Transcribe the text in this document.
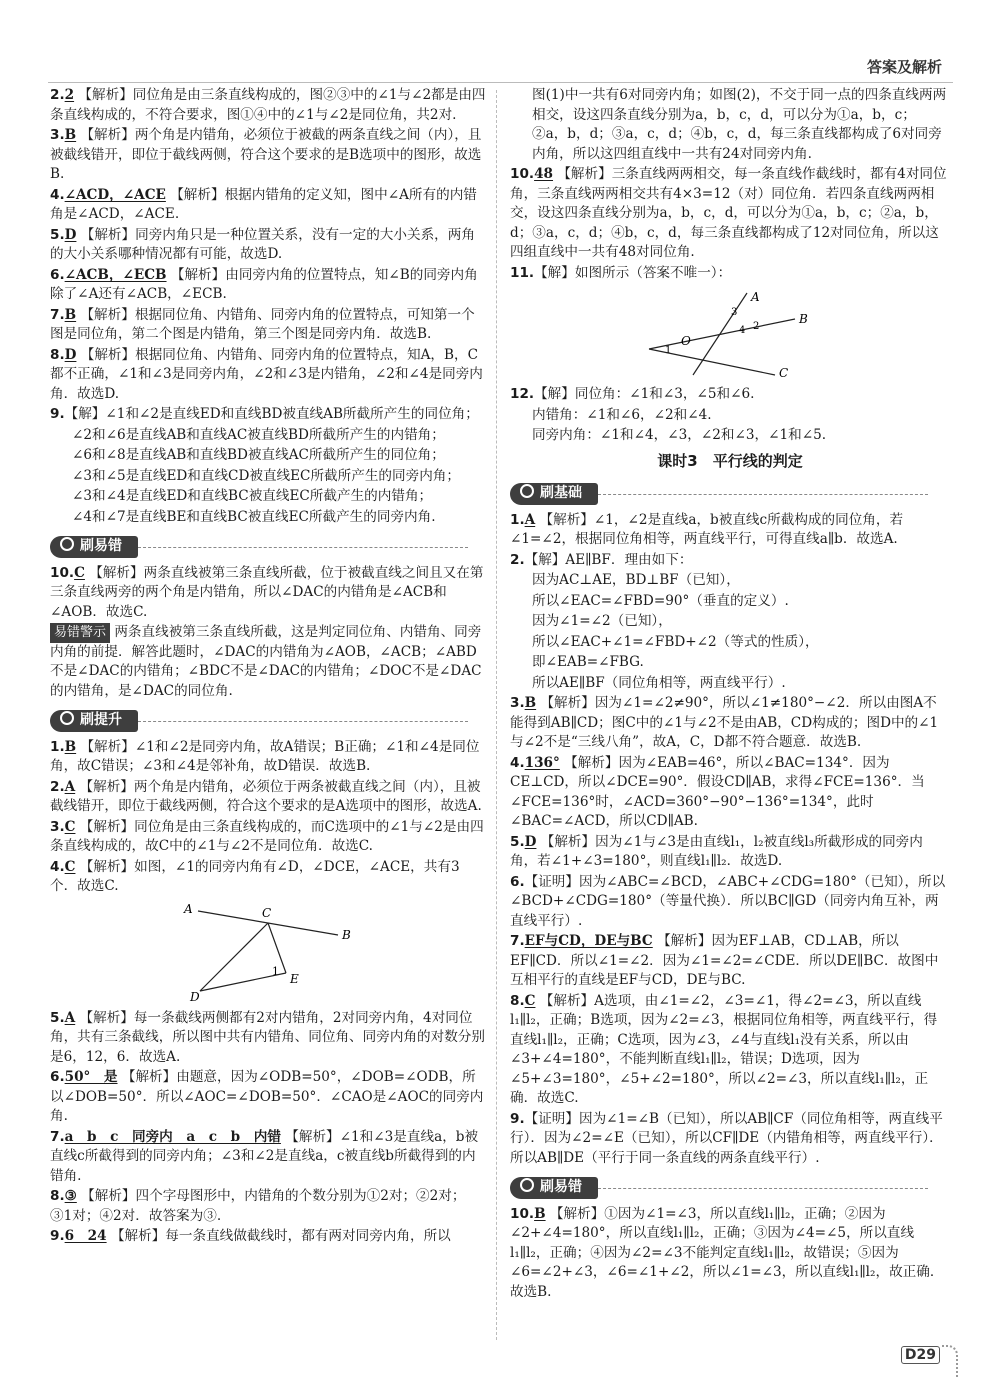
答案及解析
2.2 【解析】同位角是由三条直线构成的，图②③中的∠1与∠2都是由四条直线构成的，不符合要求，图①④中的∠1与∠2是同位角，共2对.
3.B 【解析】两个角是内错角，必须位于被截的两条直线之间（内），且被截线错开，即位于截线两侧，符合这个要求的是B选项中的图形，故选B.
4.∠ACD，∠ACE 【解析】根据内错角的定义知，图中∠A所有的内错角是∠ACD，∠ACE.
5.D 【解析】同旁内角只是一种位置关系，没有一定的大小关系，两角的大小关系哪种情况都有可能，故选D.
6.∠ACB，∠ECB 【解析】由同旁内角的位置特点，知∠B的同旁内角除了∠A还有∠ACB，∠ECB.
7.B 【解析】根据同位角、内错角、同旁内角的位置特点，可知第一个图是同位角，第二个图是内错角，第三个图是同旁内角．故选B.
8.D 【解析】根据同位角、内错角、同旁内角的位置特点，知A，B，C都不正确，∠1和∠3是同旁内角，∠2和∠3是内错角，∠2和∠4是同旁内角．故选D.
9.【解】∠1和∠2是直线ED和直线BD被直线AB所截所产生的同位角；
∠2和∠6是直线AB和直线AC被直线BD所截所产生的内错角；
∠6和∠8是直线AB和直线BD被直线AC所截所产生的同位角；
∠3和∠5是直线ED和直线CD被直线EC所截所产生的同旁内角；
∠3和∠4是直线ED和直线BC被直线EC所截产生的内错角；
∠4和∠7是直线BE和直线BC被直线EC所截产生的同旁内角.
刷易错
10.C 【解析】两条直线被第三条直线所截，位于被截直线之间且又在第三条直线两旁的两个角是内错角，所以∠DAC的内错角是∠ACB和∠AOB．故选C.
易错警示 两条直线被第三条直线所截，这是判定同位角、内错角、同旁内角的前提．解答此题时，∠DAC的内错角为∠AOB，∠ACB；∠ABD不是∠DAC的内错角；∠BDC不是∠DAC的内错角；∠DOC不是∠DAC的内错角，是∠DAC的同位角.
刷提升
1.B 【解析】∠1和∠2是同旁内角，故A错误；B正确；∠1和∠4是同位角，故C错误；∠3和∠4是邻补角，故D错误．故选B.
2.A 【解析】两个角是内错角，必须位于两条被截直线之间（内），且被截线错开，即位于截线两侧，符合这个要求的是A选项中的图形，故选A.
3.C 【解析】同位角是由三条直线构成的，而C选项中的∠1与∠2是由四条直线构成的，故C中的∠1与∠2不是同位角．故选C.
4.C 【解析】如图，∠1的同旁内角有∠D，∠DCE，∠ACE，共有3个．故选C.
A	C
B
D
E
1
5.A 【解析】每一条截线两侧都有2对内错角，2对同旁内角，4对同位角，共有三条截线，所以图中共有内错角、同位角、同旁内角的对数分别是6，12，6．故选A.
6.50°　是 【解析】由题意，因为∠ODB=50°，∠DOB=∠ODB，所以∠DOB=50°．所以∠AOC=∠DOB=50°．∠CAO是∠AOC的同旁内角.
7.a　b　c　同旁内　a　c　b　内错 【解析】∠1和∠3是直线a，b被直线c所截得到的同旁内角；∠3和∠2是直线a，c被直线b所截得到的内错角.
8.③ 【解析】四个字母图形中，内错角的个数分别为①2对；②2对；③1对；④2对．故答案为③.
9.6　24 【解析】每一条直线做截线时，都有两对同旁内角，所以
图(1)中一共有6对同旁内角；如图(2)，不交于同一点的四条直线两两相交，设这四条直线分别为a，b，c，d，可以分为①a，b，c；②a，b，d；③a，c，d；④b，c，d，每三条直线都构成了6对同旁内角，所以这四组直线中一共有24对同旁内角.
10.48 【解析】三条直线两两相交，每一条直线作截线时，都有4对同位角，三条直线两两相交共有4×3=12（对）同位角．若四条直线两两相交，设这四条直线分别为a，b，c，d，可以分为①a，b，c；②a，b，d；③a，c，d；④b，c，d，每三条直线都构成了12对同位角，所以这四组直线中一共有48对同位角.
11.【解】如图所示（答案不唯一）：
A
B
C
O
1
2
3
4
12.【解】同位角：∠1和∠3，∠5和∠6.
内错角：∠1和∠6，∠2和∠4.
同旁内角：∠1和∠4，∠3，∠2和∠3，∠1和∠5.
课时3　平行线的判定
刷基础
1.A 【解析】∠1，∠2是直线a，b被直线c所截构成的同位角，若∠1=∠2，根据同位角相等，两直线平行，可得直线a∥b．故选A.
2.【解】AE∥BF．理由如下：
因为AC⊥AE，BD⊥BF（已知），
所以∠EAC=∠FBD=90°（垂直的定义）.
因为∠1=∠2（已知），
所以∠EAC+∠1=∠FBD+∠2（等式的性质），
即∠EAB=∠FBG.
所以AE∥BF（同位角相等，两直线平行）.
3.B 【解析】因为∠1=∠2≠90°，所以∠1≠180°−∠2．所以由图A不能得到AB∥CD；图C中的∠1与∠2不是由AB，CD构成的；图D中的∠1与∠2不是“三线八角”，故A，C，D都不符合题意．故选B.
4.136° 【解析】因为∠EAB=46°，所以∠BAC=134°．因为CE⊥CD，所以∠DCE=90°．假设CD∥AB，求得∠FCE=136°．当∠FCE=136°时，∠ACD=360°−90°−136°=134°，此时∠BAC=∠ACD，所以CD∥AB.
5.D 【解析】因为∠1与∠3是由直线l₁，l₂被直线l₃所截形成的同旁内角，若∠1+∠3=180°，则直线l₁∥l₂．故选D.
6.【证明】因为∠ABC=∠BCD，∠ABC+∠CDG=180°（已知），所以∠BCD+∠CDG=180°（等量代换）．所以BC∥GD（同旁内角互补，两直线平行）.
7.EF与CD，DE与BC 【解析】因为EF⊥AB，CD⊥AB，所以EF∥CD．所以∠1=∠2．因为∠1=∠2=∠CDE．所以DE∥BC．故图中互相平行的直线是EF与CD，DE与BC.
8.C 【解析】A选项，由∠1=∠2，∠3=∠1，得∠2=∠3，所以直线l₁∥l₂，正确；B选项，因为∠2=∠3，根据同位角相等，两直线平行，得直线l₁∥l₂，正确；C选项，因为∠3，∠4与直线l₁没有关系，所以由∠3+∠4=180°，不能判断直线l₁∥l₂，错误；D选项，因为∠5+∠3=180°，∠5+∠2=180°，所以∠2=∠3，所以直线l₁∥l₂，正确．故选C.
9.【证明】因为∠1=∠B（已知），所以AB∥CF（同位角相等，两直线平行）．因为∠2=∠E（已知），所以CF∥DE（内错角相等，两直线平行）．所以AB∥DE（平行于同一条直线的两条直线平行）.
刷易错
10.B 【解析】①因为∠1=∠3，所以直线l₁∥l₂，正确；②因为∠2+∠4=180°，所以直线l₁∥l₂，正确；③因为∠4=∠5，所以直线l₁∥l₂，正确；④因为∠2=∠3不能判定直线l₁∥l₂，故错误；⑤因为∠6=∠2+∠3，∠6=∠1+∠2，所以∠1=∠3，所以直线l₁∥l₂，故正确．故选B.
D29
